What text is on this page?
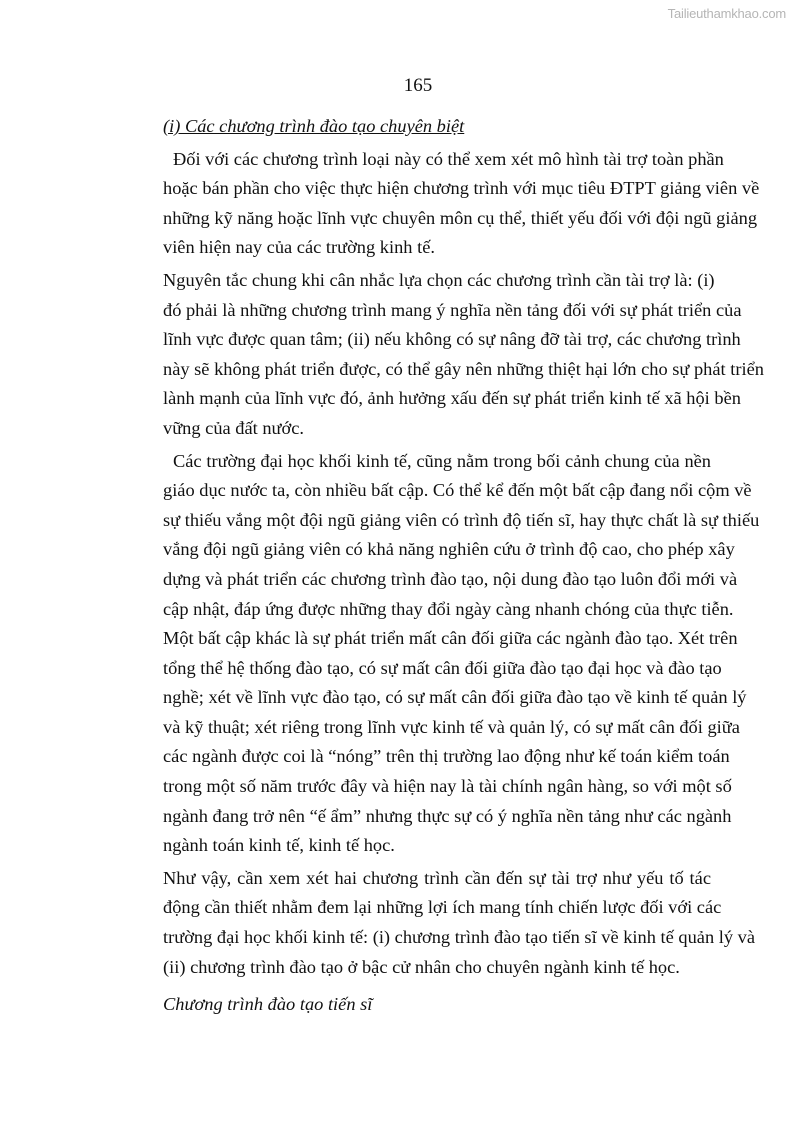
Tailieuthamkhao.com
165
(i) Các chương trình đào tạo chuyên biệt
Đối với các chương trình loại này có thể xem xét mô hình tài trợ toàn phần
hoặc bán phần cho việc thực hiện chương trình với mục tiêu ĐTPT giảng viên về
những kỹ năng hoặc lĩnh vực chuyên môn cụ thể, thiết yếu đối với đội ngũ giảng
viên hiện nay của các trường kinh tế.
Nguyên tắc chung khi cân nhắc lựa chọn các chương trình cần tài trợ là: (i)
đó phải là những chương trình mang ý nghĩa nền tảng đối với sự phát triển của
lĩnh vực được quan tâm; (ii) nếu không có sự nâng đỡ tài trợ, các chương trình
này sẽ không phát triển được, có thể gây nên những thiệt hại lớn cho sự phát triển
lành mạnh của lĩnh vực đó, ảnh hưởng xấu đến sự phát triển kinh tế xã hội bền
vững của đất nước.
Các trường đại học khối kinh tế, cũng nằm trong bối cảnh chung của nền
giáo dục nước ta, còn nhiều bất cập. Có thể kể đến một bất cập đang nổi cộm về
sự thiếu vắng một đội ngũ giảng viên có trình độ tiến sĩ, hay thực chất là sự thiếu
vắng đội ngũ giảng viên có khả năng nghiên cứu ở trình độ cao, cho phép xây
dựng và phát triển các chương trình đào tạo, nội dung đào tạo luôn đổi mới và
cập nhật, đáp ứng được những thay đổi ngày càng nhanh chóng của thực tiễn.
Một bất cập khác là sự phát triển mất cân đối giữa các ngành đào tạo. Xét trên
tổng thể hệ thống đào tạo, có sự mất cân đối giữa đào tạo đại học và đào tạo
nghề; xét về lĩnh vực đào tạo, có sự mất cân đối giữa đào tạo về kinh tế quản lý
và kỹ thuật; xét riêng trong lĩnh vực kinh tế và quản lý, có sự mất cân đối giữa
các ngành được coi là “nóng” trên thị trường lao động như kế toán kiểm toán
trong một số năm trước đây và hiện nay là tài chính ngân hàng, so với một số
ngành đang trở nên “ế ẩm” nhưng thực sự có ý nghĩa nền tảng như các ngành
ngành toán kinh tế, kinh tế học.
Như vậy, cần xem xét hai chương trình cần đến sự tài trợ như yếu tố tác
động cần thiết nhằm đem lại những lợi ích mang tính chiến lược đối với các
trường đại học khối kinh tế: (i) chương trình đào tạo tiến sĩ về kinh tế quản lý và
(ii) chương trình đào tạo ở bậc cử nhân cho chuyên ngành kinh tế học.
Chương trình đào tạo tiến sĩ
